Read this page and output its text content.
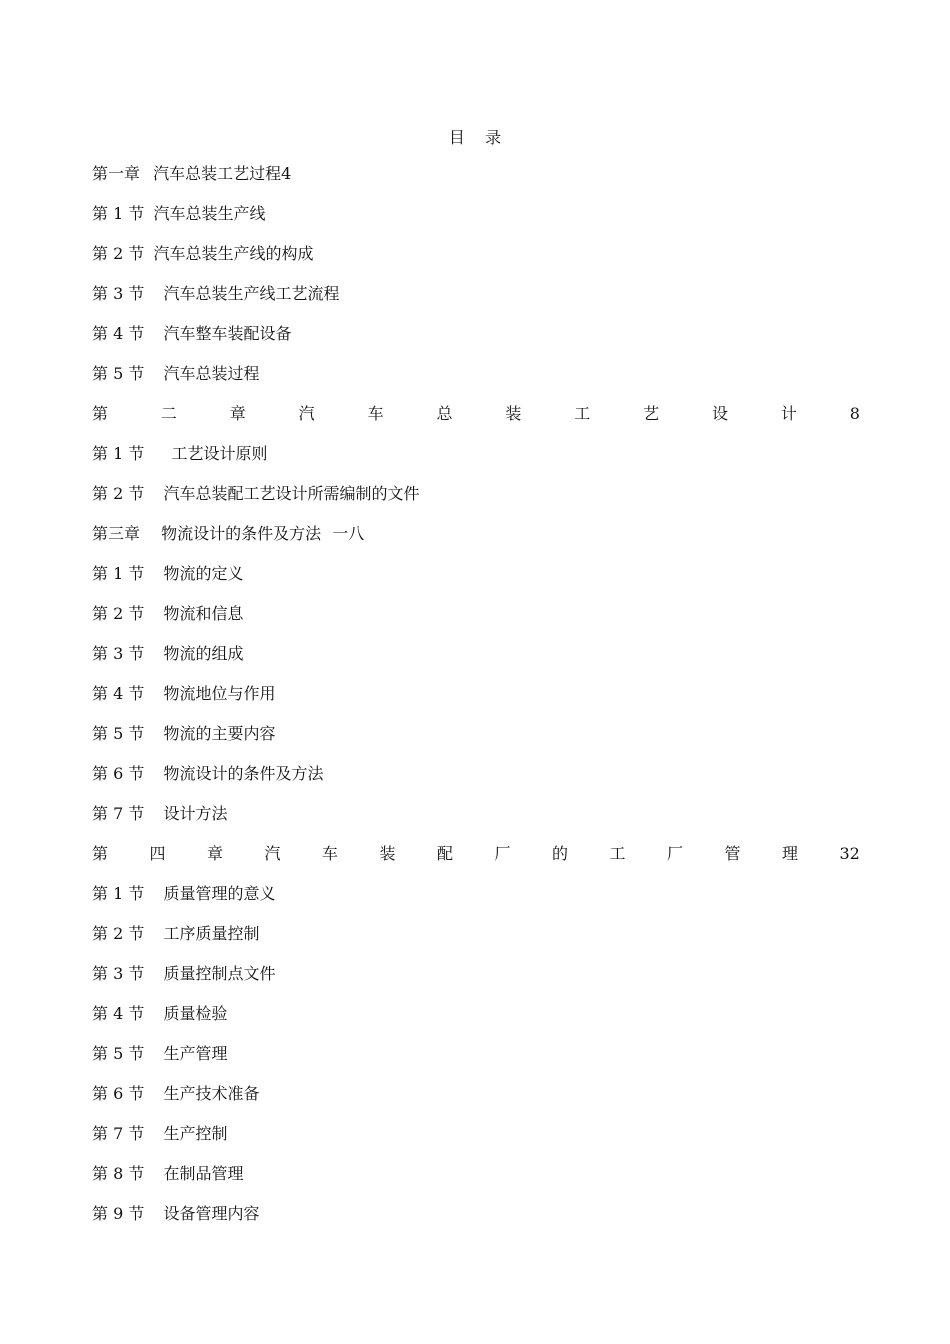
目    录
第一章 汽车总装工艺过程4
第 1 节 汽车总装生产线
第 2 节 汽车总装生产线的构成
第 3 节 汽车总装生产线工艺流程
第 4 节 汽车整车装配设备
第 5 节 汽车总装过程
第	二	章	汽	车	总	装	工	艺	设	计	8
第 1 节 工艺设计原则
第 2 节 汽车总装配工艺设计所需编制的文件
第三章 物流设计的条件及方法 一八
第 1 节 物流的定义
第 2 节 物流和信息
第 3 节 物流的组成
第 4 节 物流地位与作用
第 5 节 物流的主要内容
第 6 节 物流设计的条件及方法
第 7 节 设计方法
第	四	章	汽	车	装	配	厂	的	工	厂	管	理	32
第 1 节 质量管理的意义
第 2 节 工序质量控制
第 3 节 质量控制点文件
第 4 节 质量检验
第 5 节 生产管理
第 6 节 生产技术准备
第 7 节 生产控制
第 8 节 在制品管理
第 9 节 设备管理内容
